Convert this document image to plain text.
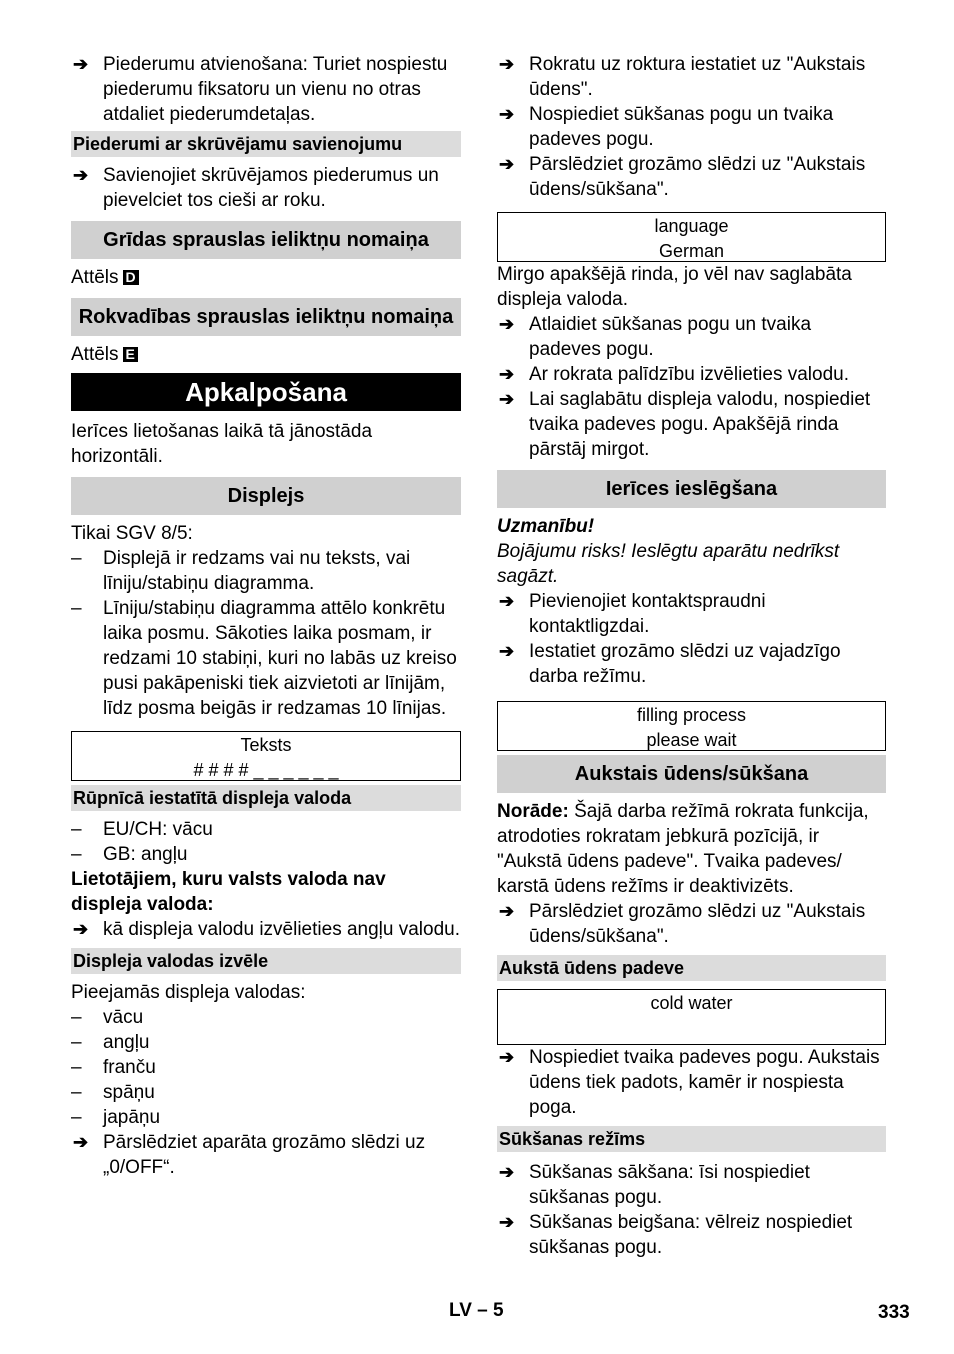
➔ Piederumu atvienošana: Turiet nospiestu piederumu fiksatoru un vienu no otras atdaliet piederumdetaļas.

Piederumi ar skrūvējamu savienojumu

➔ Savienojiet skrūvējamos piederumus un pievelciet tos cieši ar roku.

Grīdas sprauslas ieliktņu nomaiņa

Attēls D

Rokvadības sprauslas ieliktņu nomaiņa

Attēls E

Apkalpošana

Ierīces lietošanas laikā tā jānostāda horizontāli.

Displejs

Tikai SGV 8/5:

– Displejā ir redzams vai nu teksts, vai līniju/stabiņu diagramma.

– Līniju/stabiņu diagramma attēlo konkrētu laika posmu. Sākoties laika posmam, ir redzami 10 stabiņi, kuri no labās uz kreiso pusi pakāpeniski tiek aizvietoti ar līnijām, līdz posma beigās ir redzamas 10 līnijas.

Teksts
# # # # _ _ _ _ _ _
Rūpnīcā iestatītā displeja valoda

– EU/CH: vācu

– GB: angļu

Lietotājiem, kuru valsts valoda nav displeja valoda:

➔ kā displeja valodu izvēlieties angļu valodu.

Displeja valodas izvēle

Pieejamās displeja valodas:

– vācu

– angļu

– franču

– spāņu

– japāņu

➔ Pārslēdziet aparāta grozāmo slēdzi uz „0/OFF“.

➔ Rokratu uz roktura iestatiet uz "Aukstais ūdens".

➔ Nospiediet sūkšanas pogu un tvaika padeves pogu.

➔ Pārslēdziet grozāmo slēdzi uz "Aukstais ūdens/sūkšana".

language
German

Mirgo apakšējā rinda, jo vēl nav saglabāta displeja valoda.

➔ Atlaidiet sūkšanas pogu un tvaika padeves pogu.

➔ Ar rokrata palīdzību izvēlieties valodu.

➔ Lai saglabātu displeja valodu, nospiediet tvaika padeves pogu. Apakšējā rinda pārstāj mirgot.

Ierīces ieslēgšana

Uzmanību!

Bojājumu risks! Ieslēgtu aparātu nedrīkst sagāzt.

➔ Pievienojiet kontaktspraudni kontaktligzdai.

➔ Iestatiet grozāmo slēdzi uz vajadzīgo darba režīmu.

filling process
please wait
Aukstais ūdens/sūkšana

Norāde: Šajā darba režīmā rokrata funkcija, atrodoties rokratam jebkurā pozīcijā, ir "Aukstā ūdens padeve". Tvaika padeves/ karstā ūdens režīms ir deaktivizēts.

➔ Pārslēdziet grozāmo slēdzi uz "Aukstais ūdens/sūkšana".

Aukstā ūdens padeve
cold water

➔ Nospiediet tvaika padeves pogu. Aukstais ūdens tiek padots, kamēr ir nospiesta poga.

Sūkšanas režīms

➔ Sūkšanas sākšana: īsi nospiediet sūkšanas pogu.

➔ Sūkšanas beigšana: vēlreiz nospiediet sūkšanas pogu.

LV – 5	333
